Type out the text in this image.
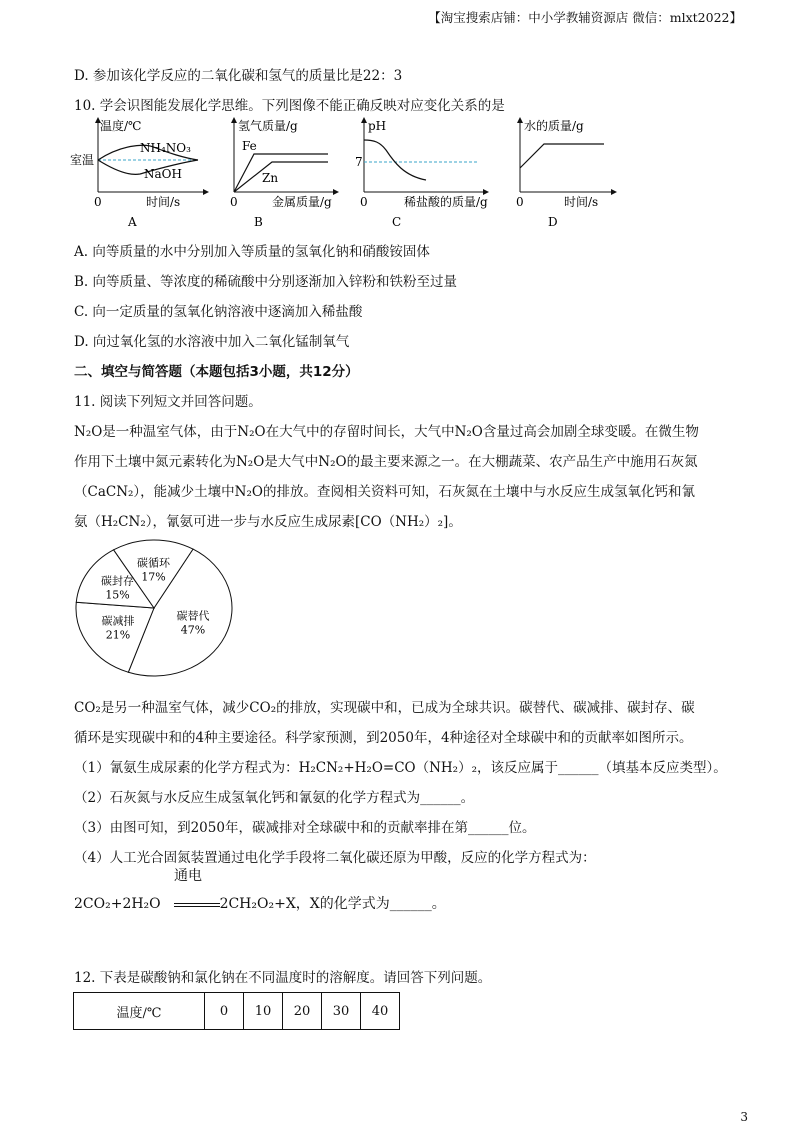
【淘宝搜索店铺：中小学教辅资源店 微信：mlxt2022】
D. 参加该化学反应的二氧化碳和氢气的质量比是22：3
10. 学会识图能发展化学思维。下列图像不能正确反映对应变化关系的是
温度/℃
室温
NH₄NO₃
NaOH
0	时间/s
A
氢气质量/g
Fe
Zn
0	金属质量/g
B
pH
7
0	稀盐酸的质量/g
C
水的质量/g
0	时间/s
D
A. 向等质量的水中分别加入等质量的氢氧化钠和硝酸铵固体
B. 向等质量、等浓度的稀硫酸中分别逐渐加入锌粉和铁粉至过量
C. 向一定质量的氢氧化钠溶液中逐滴加入稀盐酸
D. 向过氧化氢的水溶液中加入二氧化锰制氧气
二、填空与简答题（本题包括3小题，共12分）
11. 阅读下列短文并回答问题。
N₂O是一种温室气体，由于N₂O在大气中的存留时间长，大气中N₂O含量过高会加剧全球变暖。在微生物
作用下土壤中氮元素转化为N₂O是大气中N₂O的最主要来源之一。在大棚蔬菜、农产品生产中施用石灰氮
（CaCN₂），能减少土壤中N₂O的排放。查阅相关资料可知，石灰氮在土壤中与水反应生成氢氧化钙和氰
氨（H₂CN₂），氰氨可进一步与水反应生成尿素[CO（NH₂）₂]。
碳替代
47%
碳减排
21%
碳封存
15%
碳循环
17%
CO₂是另一种温室气体，减少CO₂的排放，实现碳中和，已成为全球共识。碳替代、碳减排、碳封存、碳
循环是实现碳中和的4种主要途径。科学家预测，到2050年，4种途径对全球碳中和的贡献率如图所示。
（1）氰氨生成尿素的化学方程式为：H₂CN₂+H₂O=CO（NH₂）₂，该反应属于______（填基本反应类型）。
（2）石灰氮与水反应生成氢氧化钙和氰氨的化学方程式为______。
（3）由图可知，到2050年，碳减排对全球碳中和的贡献率排在第______位。
（4）人工光合固氮装置通过电化学手段将二氧化碳还原为甲酸，反应的化学方程式为：
2CO₂+2H₂O	2CH₂O₂+X，X的化学式为______。
通电
12. 下表是碳酸钠和氯化钠在不同温度时的溶解度。请回答下列问题。
温度/℃	0	10	20	30	40
3
